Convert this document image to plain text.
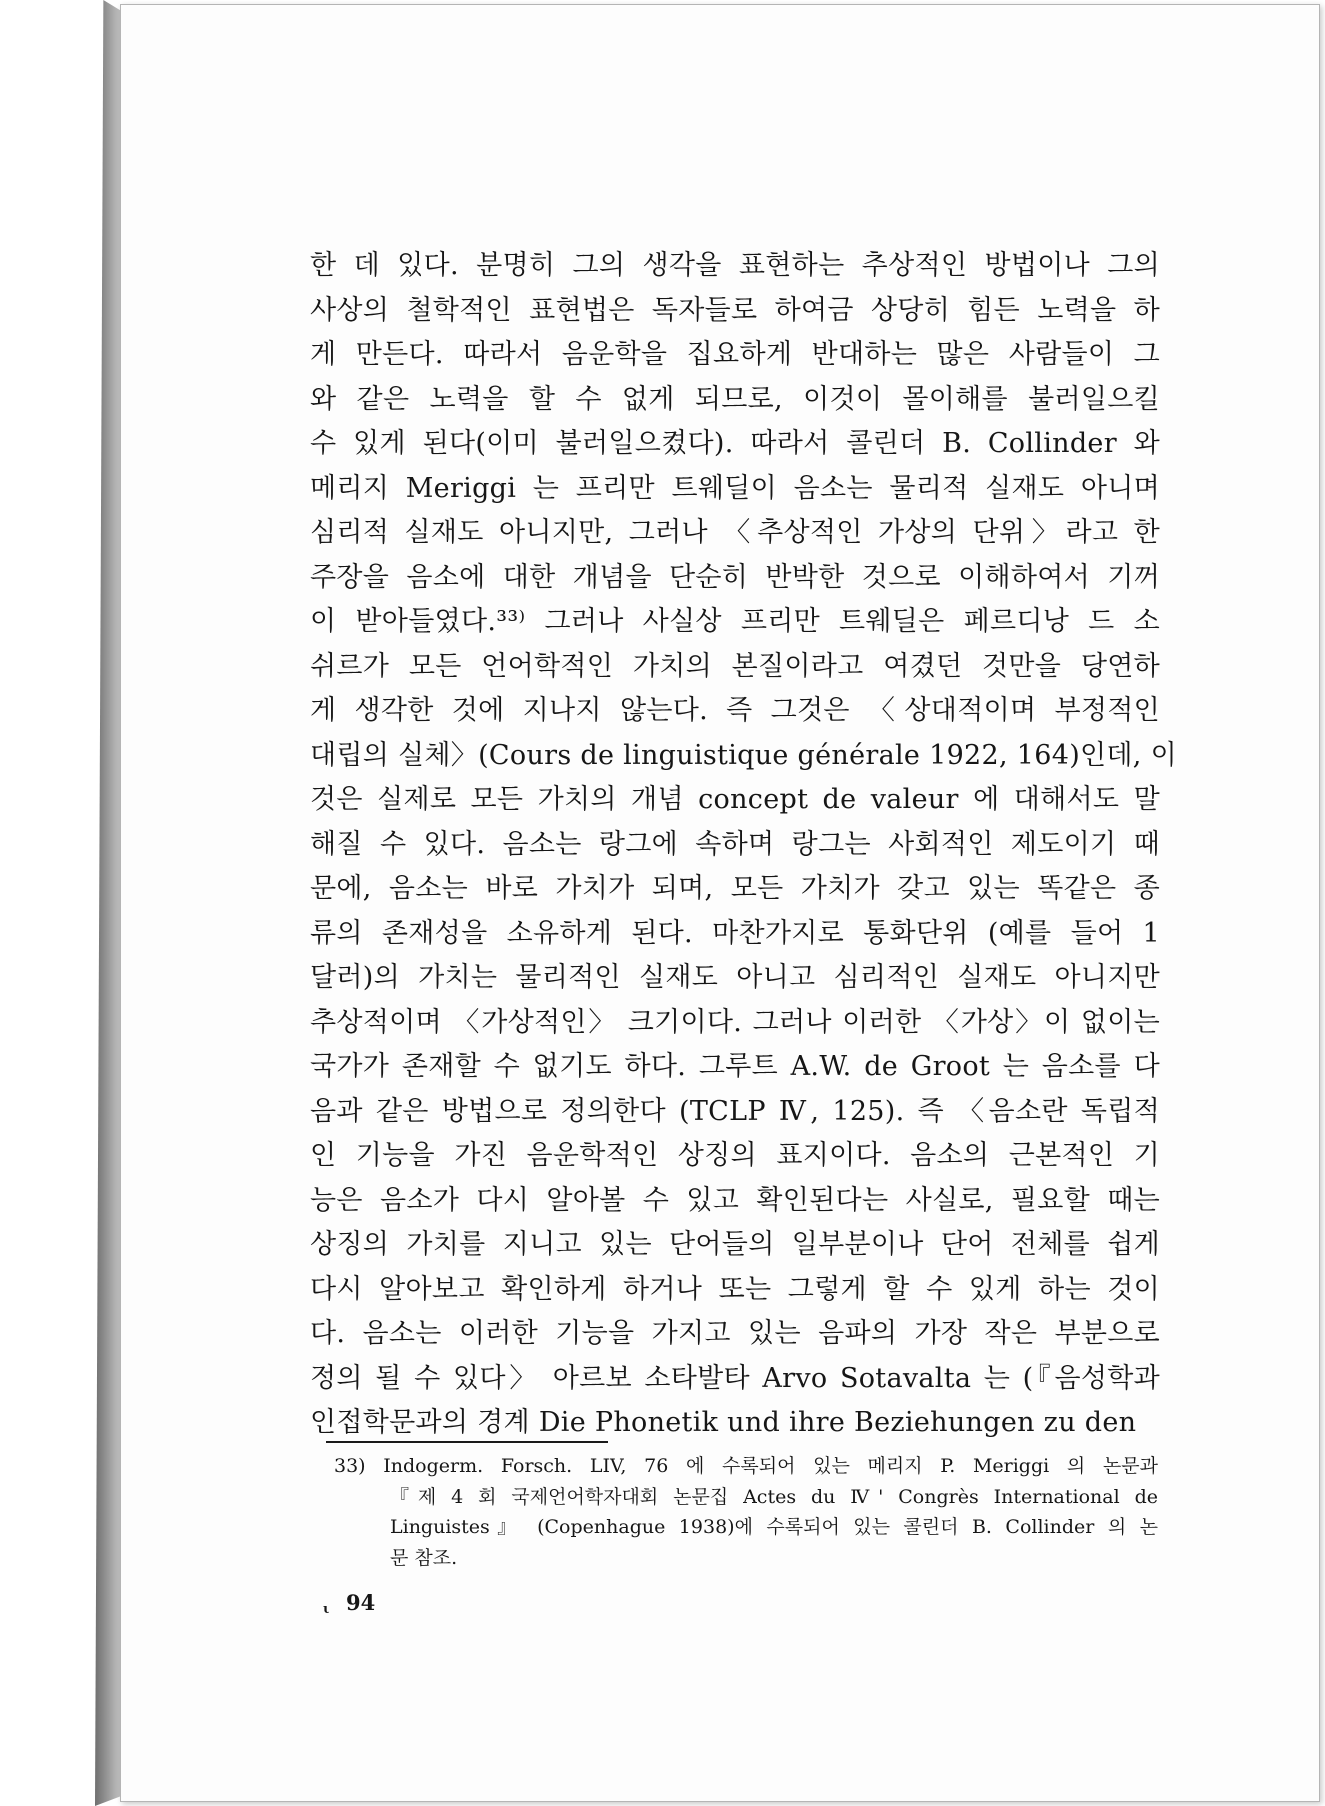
한 데 있다. 분명히 그의 생각을 표현하는 추상적인 방법이나 그의
사상의 철학적인 표현법은 독자들로 하여금 상당히 힘든 노력을 하
게 만든다. 따라서 음운학을 집요하게 반대하는 많은 사람들이 그
와 같은 노력을 할 수 없게 되므로, 이것이 몰이해를 불러일으킬
수 있게 된다(이미 불러일으켰다). 따라서 콜린더 B. Collinder 와
메리지 Meriggi 는 프리만 트웨딜이 음소는 물리적 실재도 아니며
심리적 실재도 아니지만, 그러나 〈추상적인 가상의 단위〉라고 한
주장을 음소에 대한 개념을 단순히 반박한 것으로 이해하여서 기꺼
이 받아들였다.³³⁾ 그러나 사실상 프리만 트웨딜은 페르디낭 드 소
쉬르가 모든 언어학적인 가치의 본질이라고 여겼던 것만을 당연하
게 생각한 것에 지나지 않는다. 즉 그것은 〈상대적이며 부정적인
대립의 실체〉(Cours de linguistique générale 1922, 164)인데, 이
것은 실제로 모든 가치의 개념 concept de valeur 에 대해서도 말
해질 수 있다. 음소는 랑그에 속하며 랑그는 사회적인 제도이기 때
문에, 음소는 바로 가치가 되며, 모든 가치가 갖고 있는 똑같은 종
류의 존재성을 소유하게 된다. 마찬가지로 통화단위 (예를 들어 1
달러)의 가치는 물리적인 실재도 아니고 심리적인 실재도 아니지만
추상적이며 〈가상적인〉 크기이다. 그러나 이러한 〈가상〉이 없이는
국가가 존재할 수 없기도 하다. 그루트 A.W. de Groot 는 음소를 다
음과 같은 방법으로 정의한다 (TCLP Ⅳ, 125). 즉 〈음소란 독립적
인 기능을 가진 음운학적인 상징의 표지이다. 음소의 근본적인 기
능은 음소가 다시 알아볼 수 있고 확인된다는 사실로, 필요할 때는
상징의 가치를 지니고 있는 단어들의 일부분이나 단어 전체를 쉽게
다시 알아보고 확인하게 하거나 또는 그렇게 할 수 있게 하는 것이
다. 음소는 이러한 기능을 가지고 있는 음파의 가장 작은 부분으로
정의 될 수 있다〉 아르보 소타발타 Arvo Sotavalta 는 (『음성학과
인접학문과의 경계 Die Phonetik und ihre Beziehungen zu den
33) Indogerm. Forsch. LIV, 76 에 수록되어 있는 메리지 P. Meriggi 의 논문과
『제 4 회 국제언어학자대회 논문집 Actes du Ⅳ' Congrès International de
Linguistes』 (Copenhague 1938)에 수록되어 있는 콜린더 B. Collinder 의 논
문 참조.
94
ι
